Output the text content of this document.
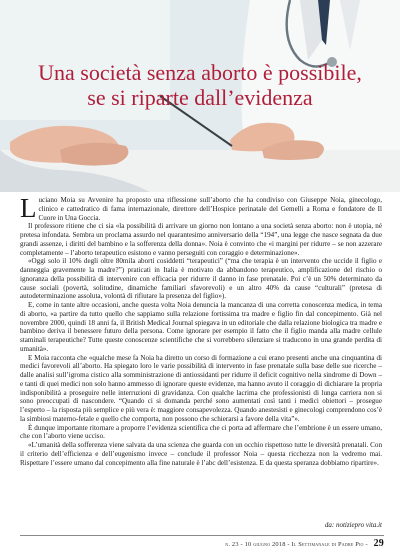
Una società senza aborto è possibile,
se si riparte dall’evidenza

Luciano Moia su Avvenire ha proposto una riflessione sull’aborto che ha condiviso con Giuseppe Noia, ginecologo, clinico e cattedratico di fama internazionale, direttore dell’Hospice perinatale del Gemelli a Roma e fondatore de Il Cuore in Una Goccia.

Il professore ritiene che ci sia «la possibilità di arrivare un giorno non lontano a una società senza aborto: non è utopia, né pretesa infondata. Sembra un proclama assurdo nel quarantesimo anniversario della “194”, una legge che nasce segnata da due grandi assenze, i diritti del bambino e la sofferenza della donna». Noia è convinto che «i margini per ridurre – se non azzerare completamente – l’aborto terapeutico esistono e vanno perseguiti con coraggio e determinazione».

«Oggi solo il 10% degli oltre 80mila aborti cosiddetti “terapeutici” (“ma che terapia è un intervento che uccide il figlio e danneggia gravemente la madre?”) praticati in Italia è motivato da abbandono terapeutico, amplificazione del rischio o ignoranza della possibilità di intervenire con efficacia per ridurre il danno in fase prenatale. Poi c’è un 50% determinato da cause sociali (povertà, solitudine, dinamiche familiari sfavorevoli) e un altro 40% da cause “culturali” (pretesa di autodeterminazione assoluta, volontà di rifiutare la presenza del figlio»).

E, come in tante altre occasioni, anche questa volta Noia denuncia la mancanza di una corretta conoscenza medica, in tema di aborto, «a partire da tutto quello che sappiamo sulla relazione fortissima tra madre e figlio fin dal concepimento. Già nel novembre 2000, quindi 18 anni fa, il British Medical Journal spiegava in un editoriale che dalla relazione biologica tra madre e bambino deriva il benessere futuro della persona. Come ignorare per esempio il fatto che il figlio manda alla madre cellule staminali terapeutiche? Tutte queste conoscenze scientifiche che si vorrebbero silenziare si traducono in una grande perdita di umanità».

E Moia racconta che «qualche mese fa Noia ha diretto un corso di formazione a cui erano presenti anche una cinquantina di medici favorevoli all’aborto. Ha spiegato loro le varie possibilità di intervento in fase prenatale sulla base delle sue ricerche – dalle analisi sull’igroma cistico alla somministrazione di antiossidanti per ridurre il deficit cognitivo nella sindrome di Down – e tanti di quei medici non solo hanno ammesso di ignorare queste evidenze, ma hanno avuto il coraggio di dichiarare la propria indisponibilità a proseguire nelle interruzioni di gravidanza. Con qualche lacrima che professionisti di lunga carriera non si sono preoccupati di nascondere. “Quando ci si domanda perché sono aumentati così tanti i medici obiettori – prosegue l’esperto – la risposta più semplice e più vera è: maggiore consapevolezza. Quando anestesisti e ginecologi comprendono cos’è la simbiosi materno-fetale e quello che comporta, non possono che schierarsi a favore della vita”».

È dunque importante ritornare a proporre l’evidenza scientifica che ci porta ad affermare che l’embrione è un essere umano, che con l’aborto viene ucciso.

«L’umanità della sofferenza viene salvata da una scienza che guarda con un occhio rispettoso tutte le diversità prenatali. Con il criterio dell’efficienza e dell’eugenismo invece – conclude il professor Noia – questa ricchezza non la vedremo mai. Rispettare l’essere umano dal concepimento alla fine naturale è l’abc dell’esistenza. E da questa speranza dobbiamo ripartire».

da: notiziepro vita.it
n. 23 - 10 giugno 2018 - Il Settimanale di Padre Pio - 29
